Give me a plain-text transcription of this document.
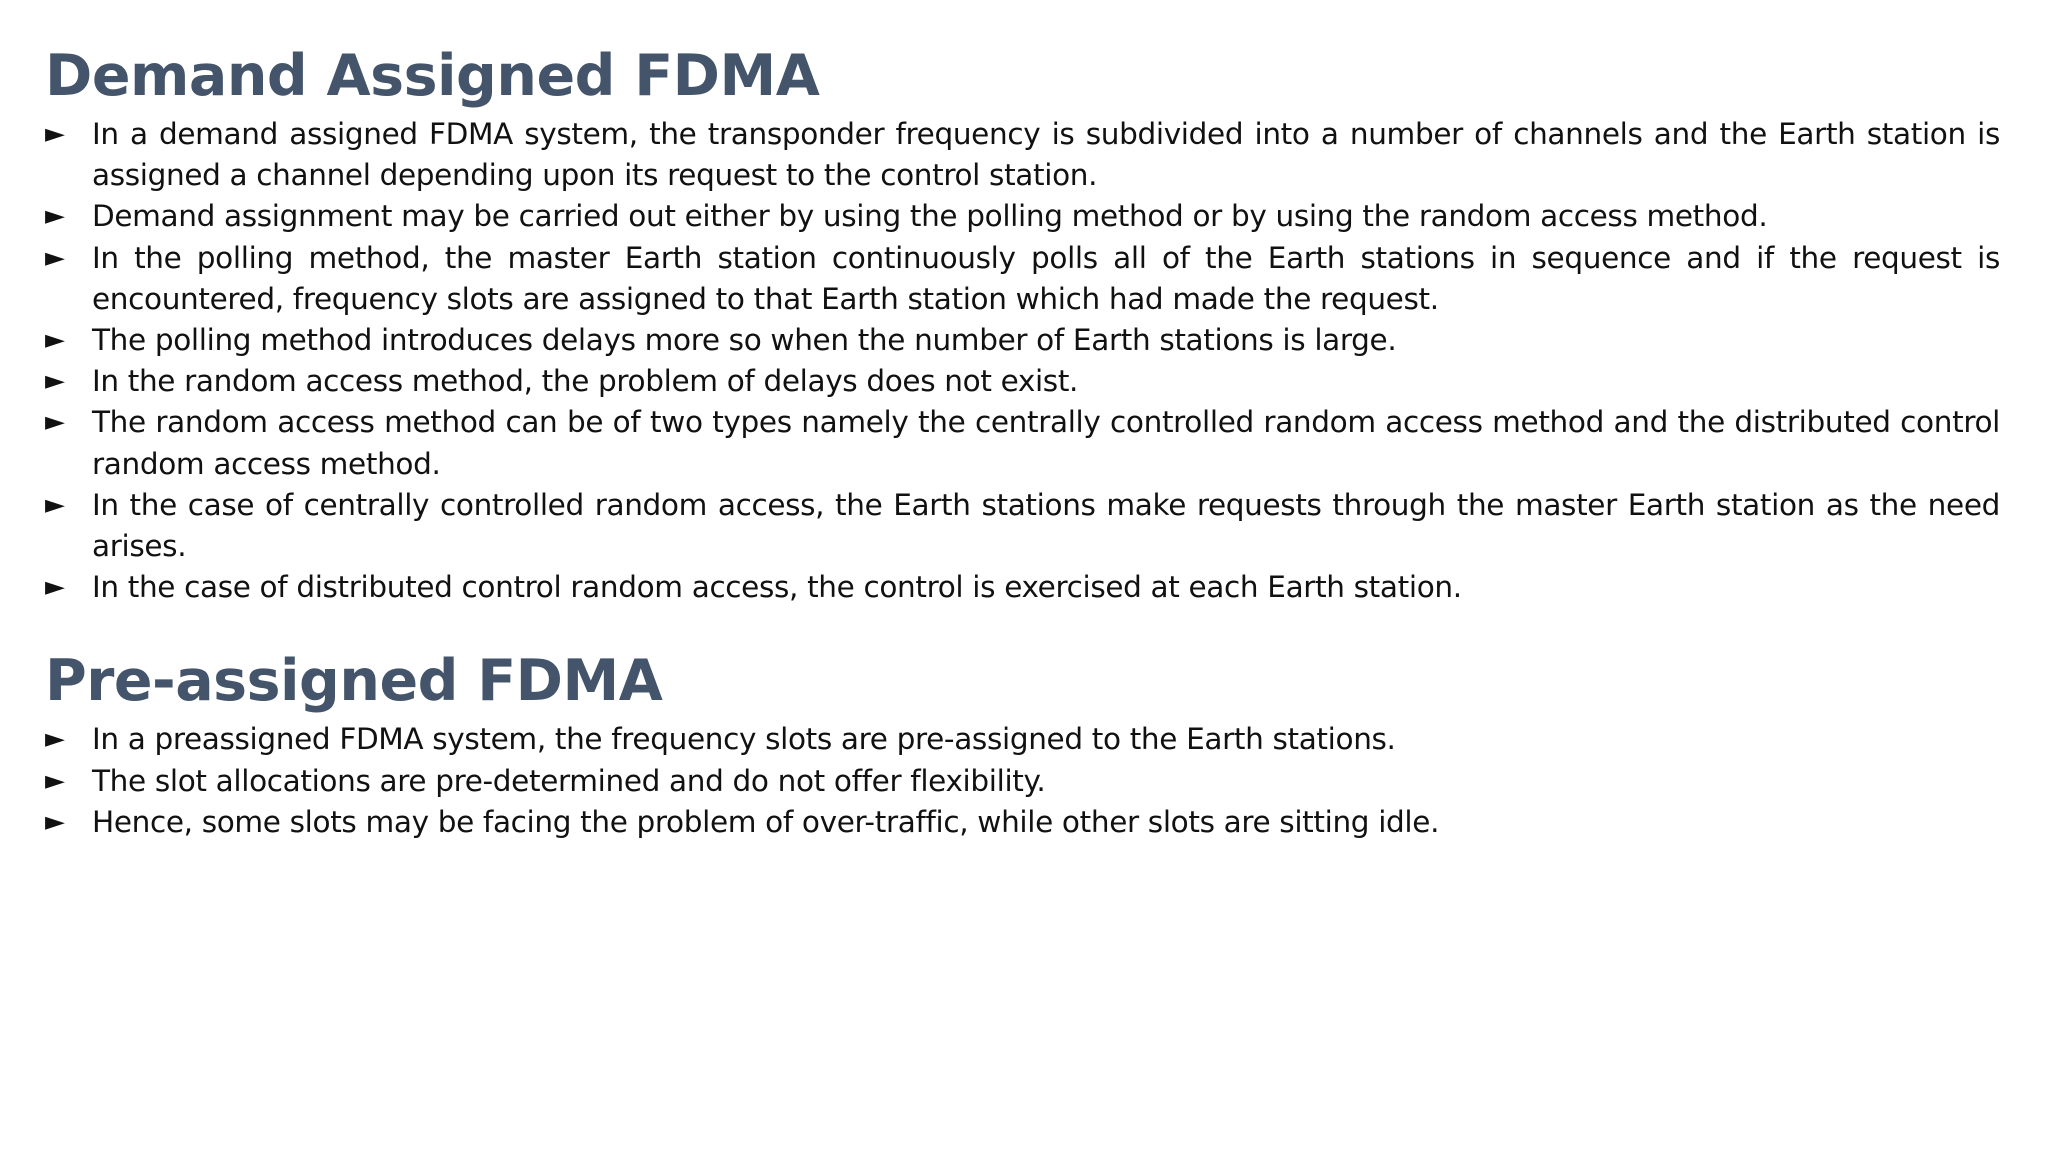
Demand Assigned FDMA
► In a demand assigned FDMA system, the transponder frequency is subdivided into a number of channels and the Earth station is assigned a channel depending upon its request to the control station.
► Demand assignment may be carried out either by using the polling method or by using the random access method.
► In the polling method, the master Earth station continuously polls all of the Earth stations in sequence and if the request is encountered, frequency slots are assigned to that Earth station which had made the request.
► The polling method introduces delays more so when the number of Earth stations is large.
► In the random access method, the problem of delays does not exist.
► The random access method can be of two types namely the centrally controlled random access method and the distributed control random access method.
► In the case of centrally controlled random access, the Earth stations make requests through the master Earth station as the need arises.
► In the case of distributed control random access, the control is exercised at each Earth station.
Pre-assigned FDMA
► In a preassigned FDMA system, the frequency slots are pre-assigned to the Earth stations.
► The slot allocations are pre-determined and do not offer flexibility.
► Hence, some slots may be facing the problem of over-traffic, while other slots are sitting idle.
